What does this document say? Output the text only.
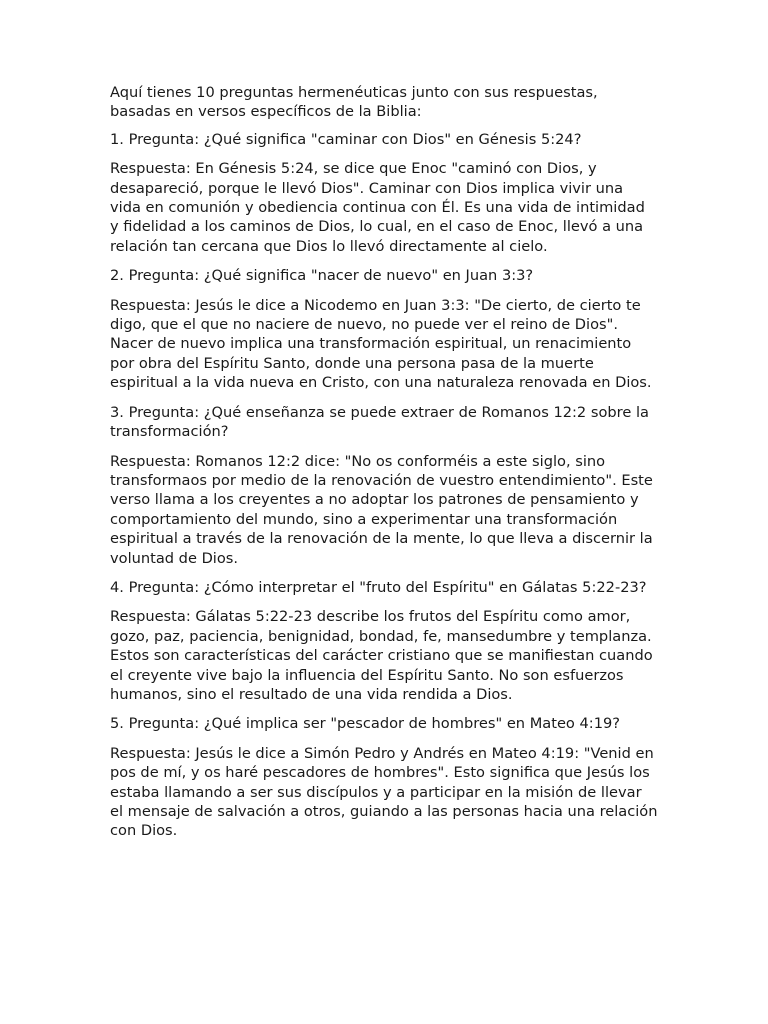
Aquí tienes 10 preguntas hermenéuticas junto con sus respuestas, basadas en versos específicos de la Biblia:

1. Pregunta: ¿Qué significa "caminar con Dios" en Génesis 5:24?

Respuesta: En Génesis 5:24, se dice que Enoc "caminó con Dios, y desapareció, porque le llevó Dios". Caminar con Dios implica vivir una vida en comunión y obediencia continua con Él. Es una vida de intimidad y fidelidad a los caminos de Dios, lo cual, en el caso de Enoc, llevó a una relación tan cercana que Dios lo llevó directamente al cielo.

2. Pregunta: ¿Qué significa "nacer de nuevo" en Juan 3:3?

Respuesta: Jesús le dice a Nicodemo en Juan 3:3: "De cierto, de cierto te digo, que el que no naciere de nuevo, no puede ver el reino de Dios". Nacer de nuevo implica una transformación espiritual, un renacimiento por obra del Espíritu Santo, donde una persona pasa de la muerte espiritual a la vida nueva en Cristo, con una naturaleza renovada en Dios.

3. Pregunta: ¿Qué enseñanza se puede extraer de Romanos 12:2 sobre la transformación?

Respuesta: Romanos 12:2 dice: "No os conforméis a este siglo, sino transformaos por medio de la renovación de vuestro entendimiento". Este verso llama a los creyentes a no adoptar los patrones de pensamiento y comportamiento del mundo, sino a experimentar una transformación espiritual a través de la renovación de la mente, lo que lleva a discernir la voluntad de Dios.

4. Pregunta: ¿Cómo interpretar el "fruto del Espíritu" en Gálatas 5:22-23?

Respuesta: Gálatas 5:22-23 describe los frutos del Espíritu como amor, gozo, paz, paciencia, benignidad, bondad, fe, mansedumbre y templanza. Estos son características del carácter cristiano que se manifiestan cuando el creyente vive bajo la influencia del Espíritu Santo. No son esfuerzos humanos, sino el resultado de una vida rendida a Dios.

5. Pregunta: ¿Qué implica ser "pescador de hombres" en Mateo 4:19?

Respuesta: Jesús le dice a Simón Pedro y Andrés en Mateo 4:19: "Venid en pos de mí, y os haré pescadores de hombres". Esto significa que Jesús los estaba llamando a ser sus discípulos y a participar en la misión de llevar el mensaje de salvación a otros, guiando a las personas hacia una relación con Dios.
